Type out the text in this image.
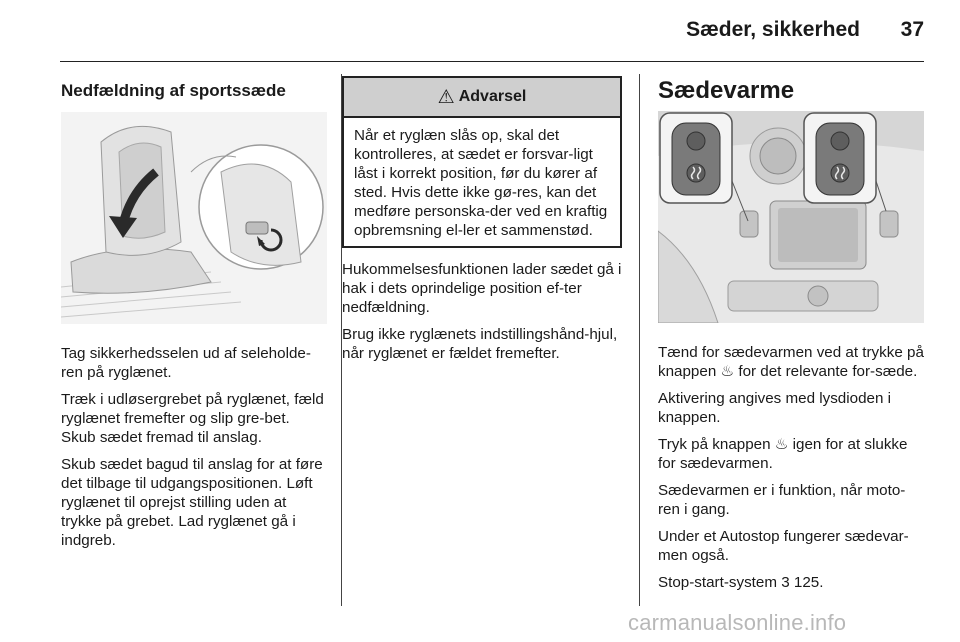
Sæder, sikkerhed	37
Nedfældning af sportssæde

Tag sikkerhedsselen ud af seleholde-ren på ryglænet.

Træk i udløsergrebet på ryglænet, fæld ryglænet fremefter og slip gre-bet. Skub sædet fremad til anslag.

Skub sædet bagud til anslag for at føre det tilbage til udgangspositionen. Løft ryglænet til oprejst stilling uden at trykke på grebet. Lad ryglænet gå i indgreb.

⚠ Advarsel
Når et ryglæn slås op, skal det kontrolleres, at sædet er forsvar-ligt låst i korrekt position, før du kører af sted. Hvis dette ikke gø-res, kan det medføre personska-der ved en kraftig opbremsning el-ler et sammenstød.

Hukommelsesfunktionen lader sædet gå i hak i dets oprindelige position ef-ter nedfældning.

Brug ikke ryglænets indstillingshånd-hjul, når ryglænet er fældet fremefter.

Sædevarme

Tænd for sædevarmen ved at trykke på knappen ♨ for det relevante for-sæde.

Aktivering angives med lysdioden i knappen.

Tryk på knappen ♨ igen for at slukke for sædevarmen.

Sædevarmen er i funktion, når moto-ren i gang.

Under et Autostop fungerer sædevar-men også.

Stop-start-system 3 125.

carmanualsonline.info
